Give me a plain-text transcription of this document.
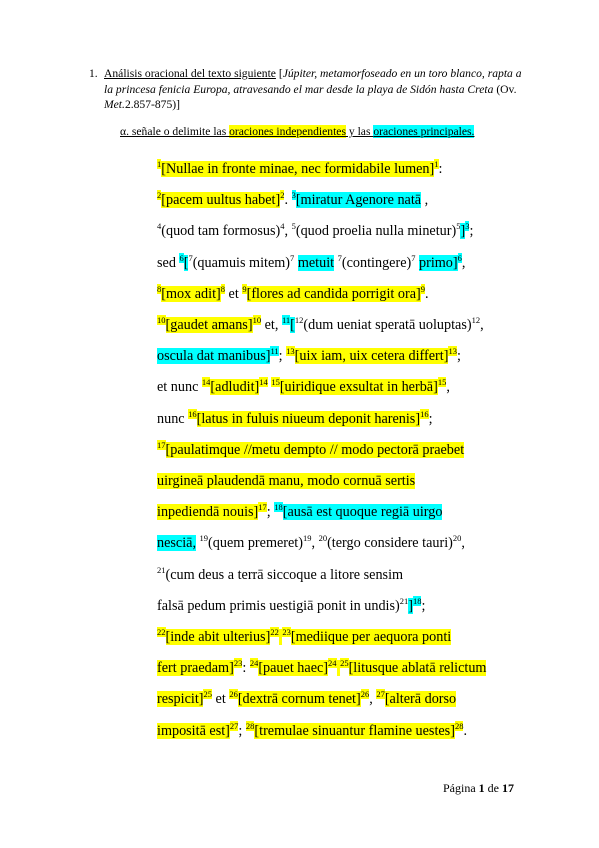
1. Análisis oracional del texto siguiente [Júpiter, metamorfoseado en un toro blanco, rapta a la princesa fenicia Europa, atravesando el mar desde la playa de Sidón hasta Creta (Ov. Met.2.857-875)]
α. señale o delimite las oraciones independientes y las oraciones principales.
$^1$[Nullae in fronte minae, nec formidabile lumen]$^1$:
$^2$[pacem uultus habet]$^2$. $^3$[miratur Agenore natā ,
$^4$(quod tam formosus)$^4$, $^5$(quod proelia nulla minetur)$^5$]$^3$;
sed $^6$[$^7$(quamuis mitem)$^7$ metuit $^7$(contingere)$^7$ primo]$^6$,
$^8$[mox adit]$^8$ et $^9$[flores ad candida porrigit ora]$^9$.
$^{10}$[gaudet amans]$^{10}$ et, $^{11}$[$^{12}$(dum ueniat speratā uoluptas)$^{12}$,
oscula dat manibus]$^{11}$; $^{13}$[uix iam, uix cetera differt]$^{13}$;
et nunc $^{14}$[adludit]$^{14}$ $^{15}$[uiridique exsultat in herbā]$^{15}$,
nunc $^{16}$[latus in fuluis niueum deponit harenis]$^{16}$;
$^{17}$[paulatimque //metu dempto // modo pectorā praebet
uirgineā plaudendā manu, modo cornuā sertis
inpediendā nouis]$^{17}$; $^{18}$[ausā est quoque regiā uirgo
nesciā, $^{19}$(quem premeret)$^{19}$, $^{20}$(tergo considere tauri)$^{20}$,
$^{21}$(cum deus a terrā siccoque a litore sensim
falsā pedum primis uestigiā ponit in undis)$^{21}$]$^{18}$;
$^{22}$[inde abit ulterius]$^{22}$ $^{23}$[mediique per aequora ponti
fert praedam]$^{23}$: $^{24}$[pauet haec]$^{24}$ $^{25}$[litusque ablatā relictum
respicit]$^{25}$ et $^{26}$[dextrā cornum tenet]$^{26}$, $^{27}$[alterā dorso
impositā est]$^{27}$; $^{28}$[tremulae sinuantur flamine uestes]$^{28}$.
Página 1 de 17
